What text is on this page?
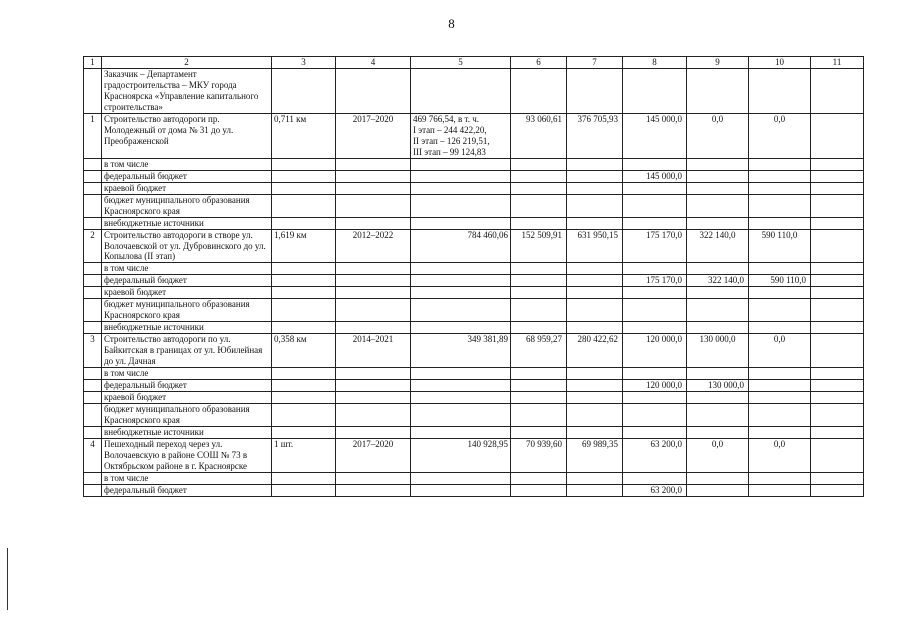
8
1	2	3	4	5	6	7	8	9	10	11
	Заказчик – Департамент градостроительства – МКУ города Красноярска «Управление капитального строительства»									
1	Строительство автодороги пр. Молодежный от дома № 31 до ул. Преображенской	0,711 км	2017–2020	469 766,54, в т. ч.
I этап – 244 422,20,
II этап – 126 219,51,
III этап – 99 124,83	93 060,61	376 705,93	145 000,0	0,0	0,0	
	в том числе									
	федеральный бюджет						145 000,0			
	краевой бюджет									
	бюджет муниципального образования Красноярского края									
	внебюджетные источники									
2	Строительство автодороги в створе ул. Волочаевской от ул. Дубровинского до ул. Копылова (II этап)	1,619 км	2012–2022	784 460,06	152 509,91	631 950,15	175 170,0	322 140,0	590 110,0	
	в том числе									
	федеральный бюджет						175 170,0	322 140,0	590 110,0	
	краевой бюджет									
	бюджет муниципального образования Красноярского края									
	внебюджетные источники									
3	Строительство автодороги по ул. Байкитская в границах от ул. Юбилейная до ул. Дачная	0,358 км	2014–2021	349 381,89	68 959,27	280 422,62	120 000,0	130 000,0	0,0	
	в том числе									
	федеральный бюджет						120 000,0	130 000,0		
	краевой бюджет									
	бюджет муниципального образования Красноярского края									
	внебюджетные источники									
4	Пешеходный переход через ул. Волочаевскую в районе СОШ № 73 в Октябрьском районе в г. Красноярске	1 шт.	2017–2020	140 928,95	70 939,60	69 989,35	63 200,0	0,0	0,0	
	в том числе									
	федеральный бюджет						63 200,0			
